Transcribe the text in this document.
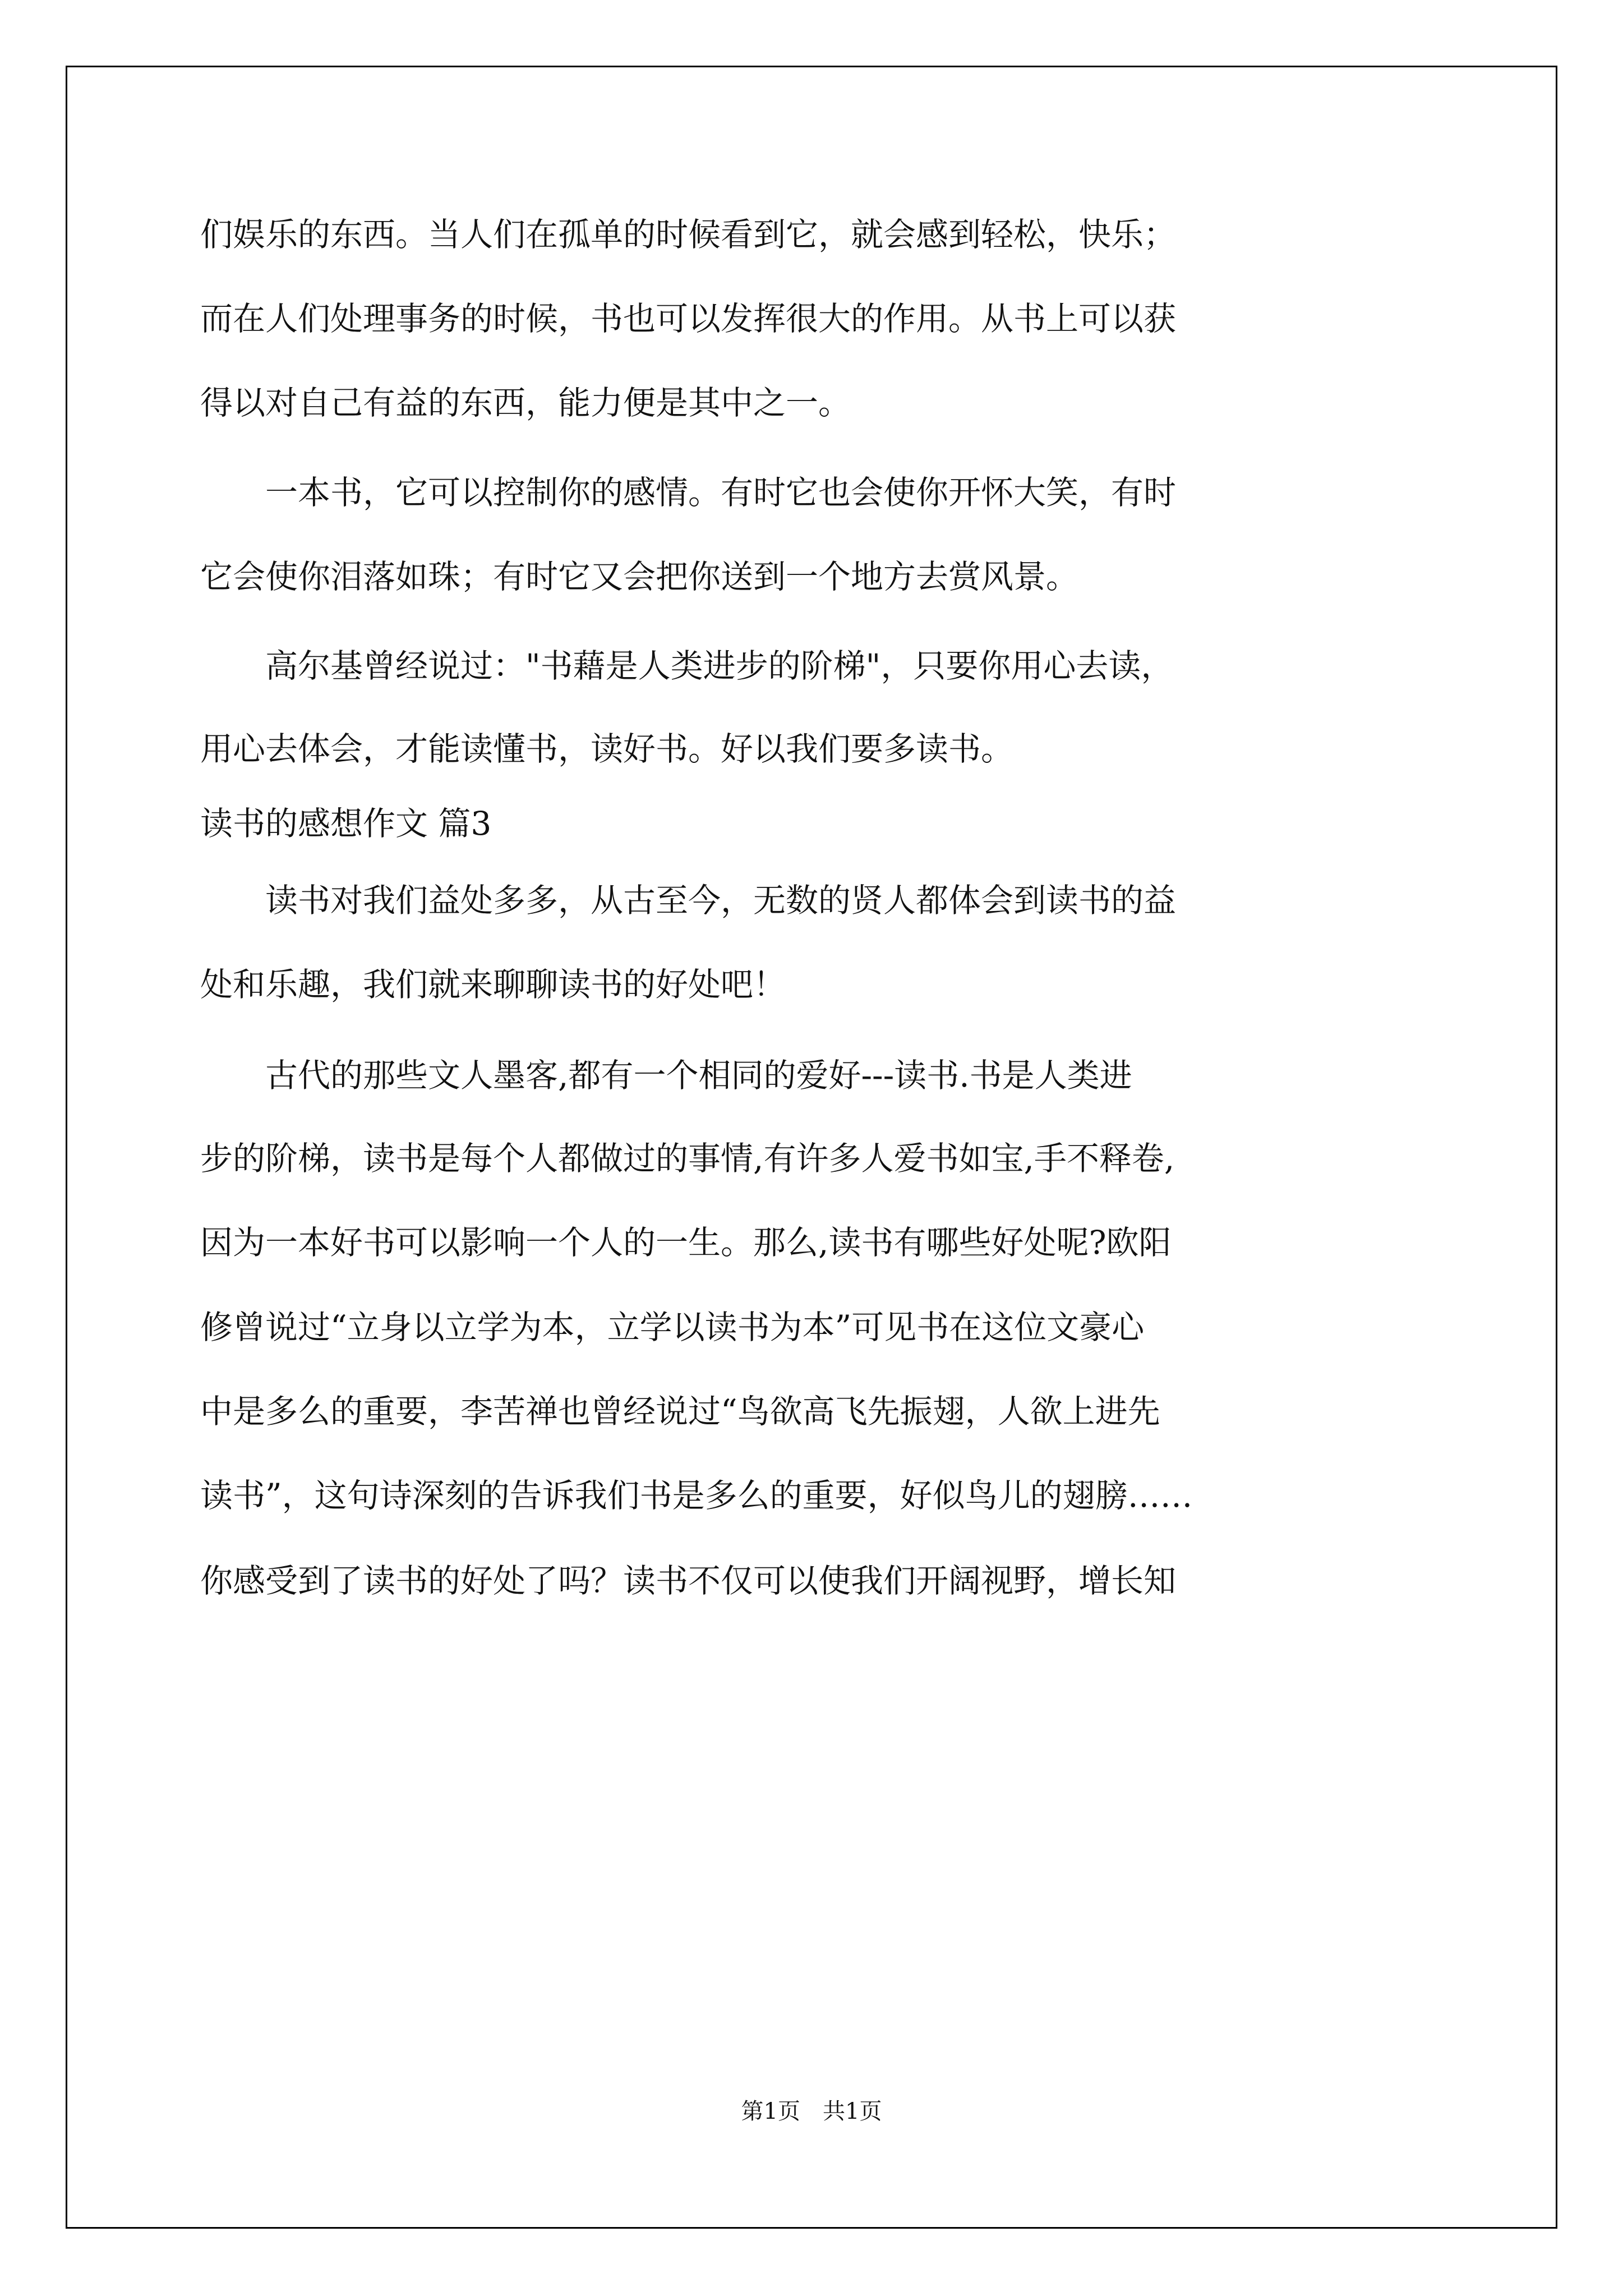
们娱乐的东西。当人们在孤单的时候看到它，就会感到轻松，快乐；
而在人们处理事务的时候，书也可以发挥很大的作用。从书上可以获
得以对自己有益的东西，能力便是其中之一。
　　一本书，它可以控制你的感情。有时它也会使你开怀大笑，有时
它会使你泪落如珠；有时它又会把你送到一个地方去赏风景。
　　高尔基曾经说过："书藉是人类进步的阶梯"，只要你用心去读，
用心去体会，才能读懂书，读好书。好以我们要多读书。
读书的感想作文 篇3
　　读书对我们益处多多，从古至今，无数的贤人都体会到读书的益
处和乐趣，我们就来聊聊读书的好处吧！
　　古代的那些文人墨客,都有一个相同的爱好---读书.书是人类进
步的阶梯，读书是每个人都做过的事情,有许多人爱书如宝,手不释卷,
因为一本好书可以影响一个人的一生。那么,读书有哪些好处呢?欧阳
修曾说过“立身以立学为本，立学以读书为本”可见书在这位文豪心
中是多么的重要，李苦禅也曾经说过“鸟欲高飞先振翅，人欲上进先
读书”，这句诗深刻的告诉我们书是多么的重要，好似鸟儿的翅膀……
你感受到了读书的好处了吗？读书不仅可以使我们开阔视野，增长知
第1页　共1页
